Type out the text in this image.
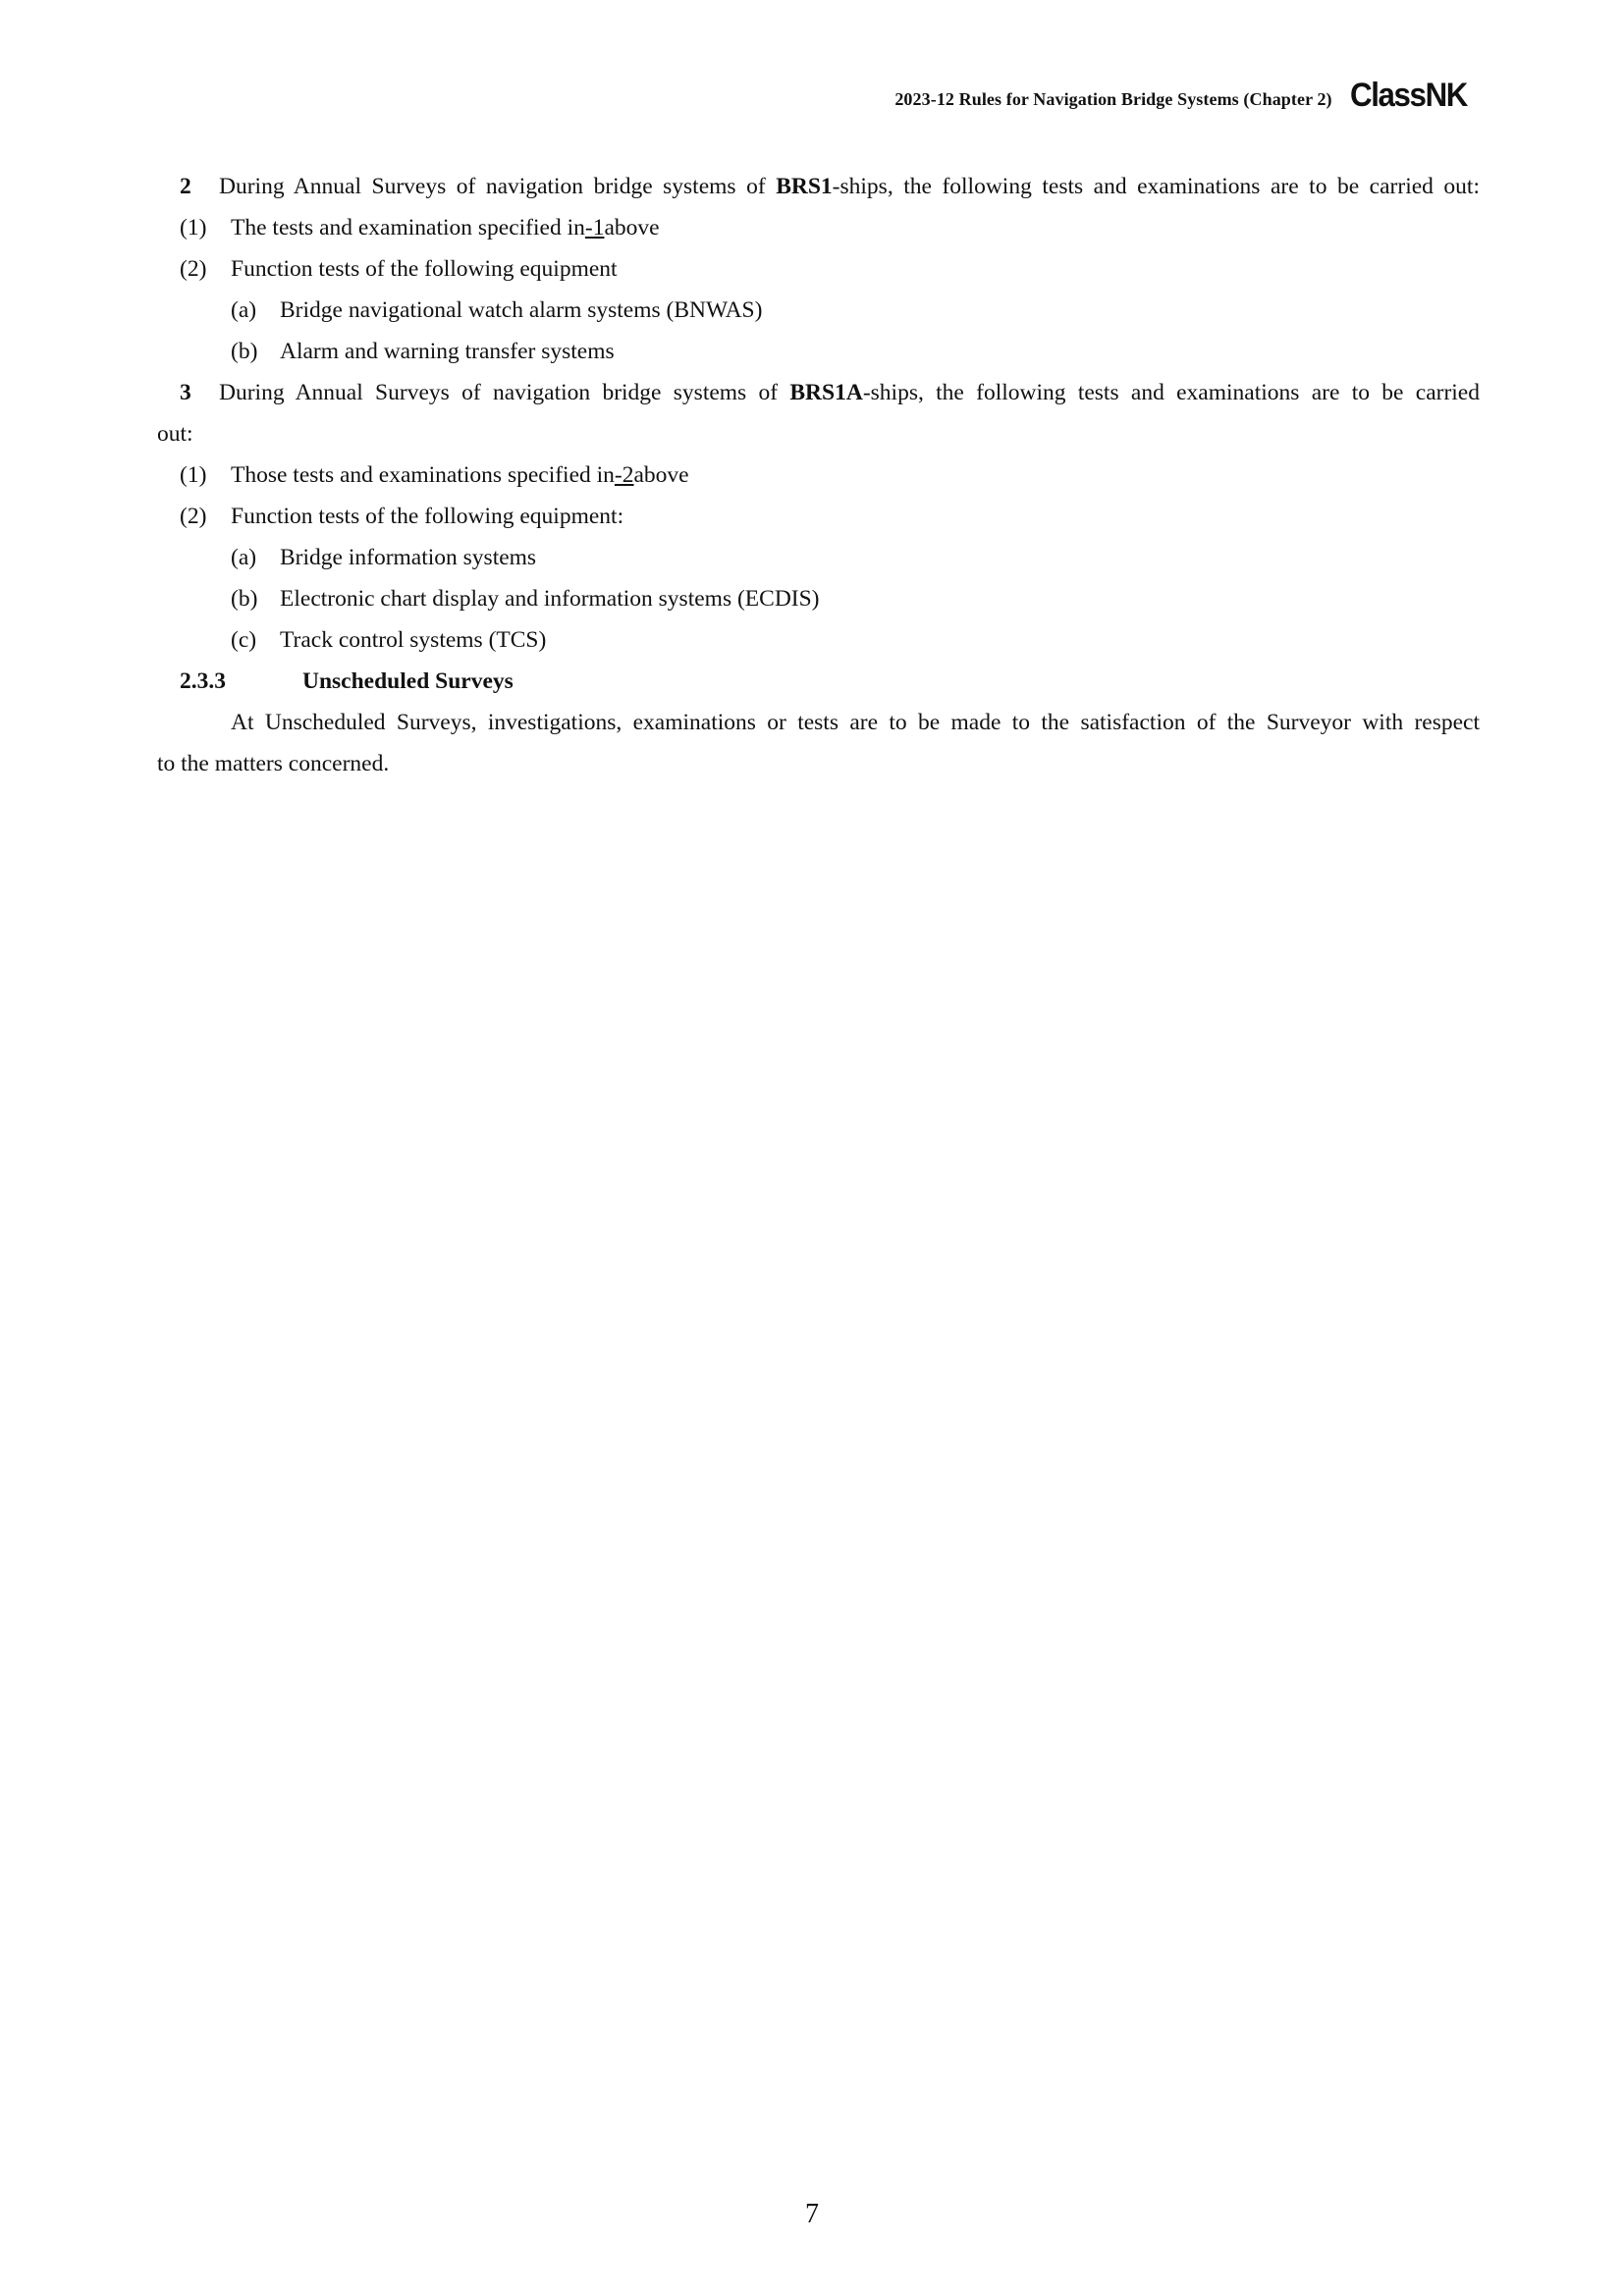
2023-12 Rules for Navigation Bridge Systems (Chapter 2) ClassNK
2 During Annual Surveys of navigation bridge systems of BRS1-ships, the following tests and examinations are to be carried out:
(1)	The tests and examination specified in -1 above
(2)	Function tests of the following equipment
(a)	Bridge navigational watch alarm systems (BNWAS)
(b) Alarm and warning transfer systems
3 During Annual Surveys of navigation bridge systems of BRS1A-ships, the following tests and examinations are to be carried
out:
(1)	Those tests and examinations specified in -2 above
(2)	Function tests of the following equipment:
(a)	Bridge information systems
(b) Electronic chart display and information systems (ECDIS)
(c)	Track control systems (TCS)
2.3.3	Unscheduled Surveys
At Unscheduled Surveys, investigations, examinations or tests are to be made to the satisfaction of the Surveyor with respect
to the matters concerned.
7
